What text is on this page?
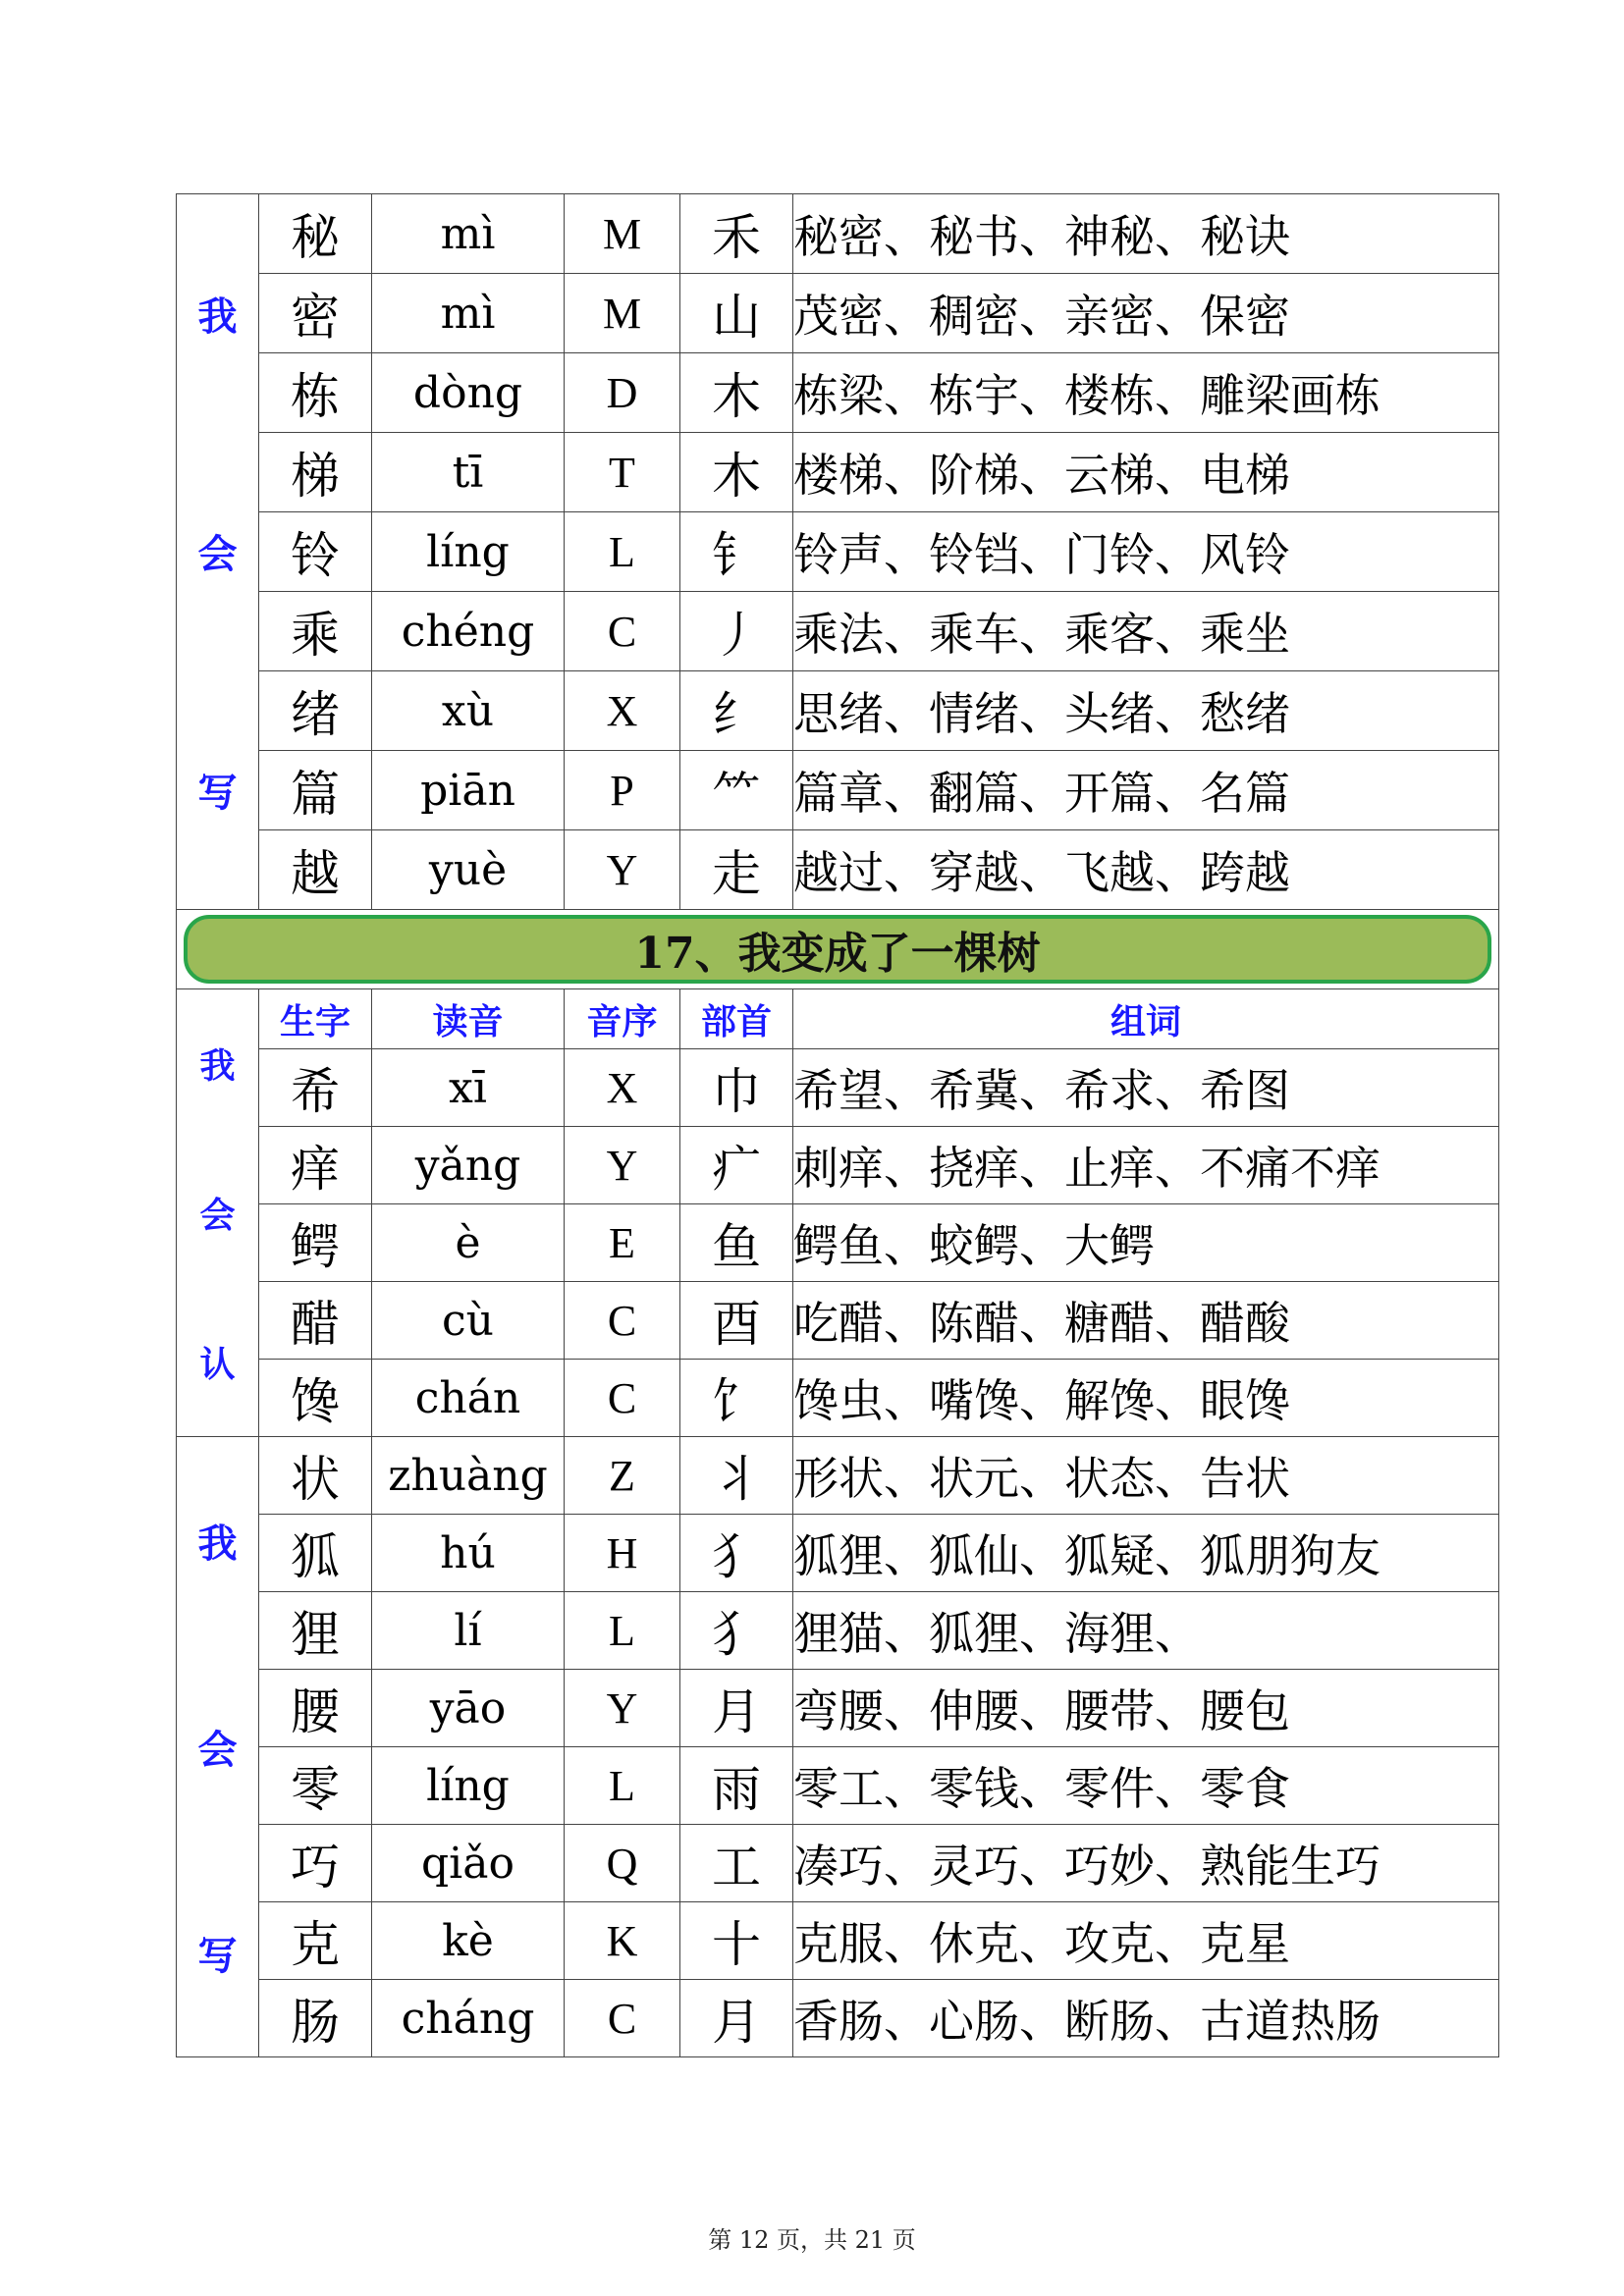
我
会
写	秘	mì	M	禾	秘密、秘书、神秘、秘诀
	密	mì	M	山	茂密、稠密、亲密、保密
	栋	dòng	D	木	栋梁、栋宇、楼栋、雕梁画栋
	梯	tī	T	木	楼梯、阶梯、云梯、电梯
	铃	líng	L	钅	铃声、铃铛、门铃、风铃
	乘	chéng	C	丿	乘法、乘车、乘客、乘坐
	绪	xù	X	纟	思绪、情绪、头绪、愁绪
	篇	piān	P	⺮	篇章、翻篇、开篇、名篇
	越	yuè	Y	走	越过、穿越、飞越、跨越

17、我变成了一棵树					

我
会
认	生字	读音	音序	部首	组词
	希	xī	X	巾	希望、希冀、希求、希图
	痒	yǎng	Y	疒	刺痒、挠痒、止痒、不痛不痒
	鳄	è	E	鱼	鳄鱼、蛟鳄、大鳄
	醋	cù	C	酉	吃醋、陈醋、糖醋、醋酸
	馋	chán	C	饣	馋虫、嘴馋、解馋、眼馋

我
会
写	状	zhuàng	Z	丬	形状、状元、状态、告状
	狐	hú	H	犭	狐狸、狐仙、狐疑、狐朋狗友
	狸	lí	L	犭	狸猫、狐狸、海狸、
	腰	yāo	Y	月	弯腰、伸腰、腰带、腰包
	零	líng	L	雨	零工、零钱、零件、零食
	巧	qiǎo	Q	工	凑巧、灵巧、巧妙、熟能生巧
	克	kè	K	十	克服、休克、攻克、克星
	肠	cháng	C	月	香肠、心肠、断肠、古道热肠
第 12 页，共 21 页
